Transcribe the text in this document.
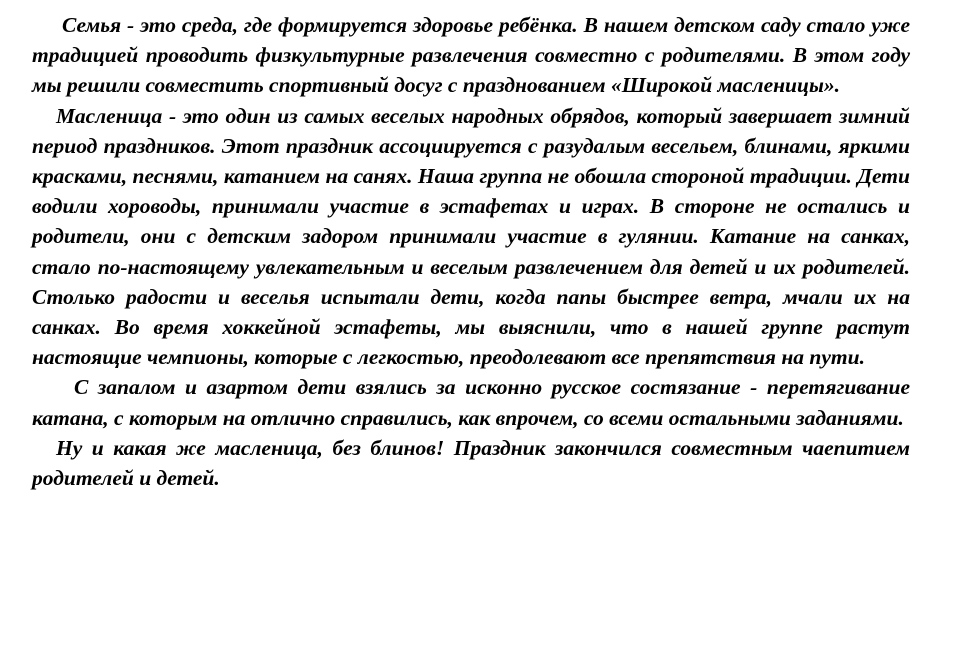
Семья - это среда, где формируется здоровье ребёнка. В нашем детском саду стало уже традицией проводить физкультурные развлечения совместно с родителями. В этом году мы решили совместить спортивный досуг с празднованием «Широкой масленицы».

Масленица - это один из самых веселых народных обрядов, который завершает зимний период праздников. Этот праздник ассоциируется с разудалым весельем, блинами, яркими красками, песнями, катанием на санях. Наша группа не обошла стороной традиции. Дети водили хороводы, принимали участие в эстафетах и играх. В стороне не остались и родители, они с детским задором принимали участие в гулянии. Катание на санках, стало по-настоящему увлекательным и веселым развлечением для детей и их родителей. Столько радости и веселья испытали дети, когда папы быстрее ветра, мчали их на санках. Во время хоккейной эстафеты, мы выяснили, что в нашей группе растут настоящие чемпионы, которые с легкостью, преодолевают все препятствия на пути.

С запалом и азартом дети взялись за исконно русское состязание - перетягивание катана, с которым на отлично справились, как впрочем, со всеми остальными заданиями.

Ну и какая же масленица, без блинов! Праздник закончился совместным чаепитием родителей и детей.
